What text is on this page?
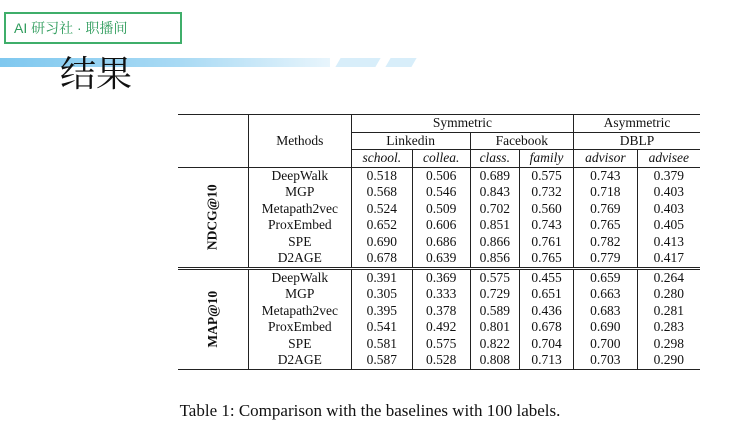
AI 研习社 · 职播间
结果
	Methods	Symmetric				Asymmetric	
		Linkedin		Facebook		DBLP	
		school.	collea.	class.	family	advisor	advisee
NDCG@10	DeepWalk	0.518	0.506	0.689	0.575	0.743	0.379
	MGP	0.568	0.546	0.843	0.732	0.718	0.403
	Metapath2vec	0.524	0.509	0.702	0.560	0.769	0.403
	ProxEmbed	0.652	0.606	0.851	0.743	0.765	0.405
	SPE	0.690	0.686	0.866	0.761	0.782	0.413
	D2AGE	0.678	0.639	0.856	0.765	0.779	0.417
MAP@10	DeepWalk	0.391	0.369	0.575	0.455	0.659	0.264
	MGP	0.305	0.333	0.729	0.651	0.663	0.280
	Metapath2vec	0.395	0.378	0.589	0.436	0.683	0.281
	ProxEmbed	0.541	0.492	0.801	0.678	0.690	0.283
	SPE	0.581	0.575	0.822	0.704	0.700	0.298
	D2AGE	0.587	0.528	0.808	0.713	0.703	0.290
Table 1: Comparison with the baselines with 100 labels.
